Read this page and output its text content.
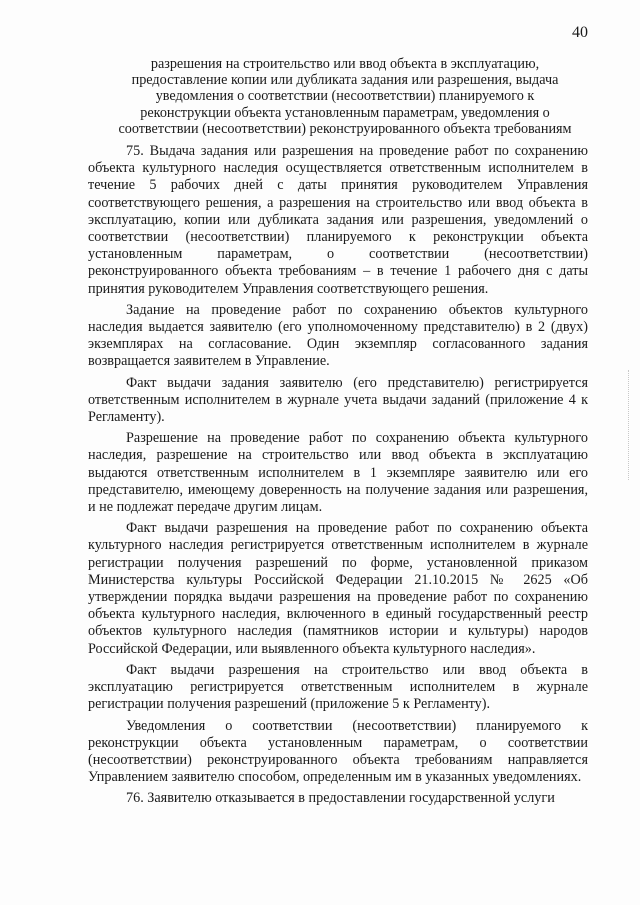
40
разрешения на строительство или ввод объекта в эксплуатацию,
предоставление копии или дубликата задания или разрешения, выдача
уведомления о соответствии (несоответствии) планируемого к
реконструкции объекта установленным параметрам, уведомления о
соответствии (несоответствии) реконструированного объекта требованиям

75. Выдача задания или разрешения на проведение работ по сохранению объекта культурного наследия осуществляется ответственным исполнителем в течение 5 рабочих дней с даты принятия руководителем Управления соответствующего решения, а разрешения на строительство или ввод объекта в эксплуатацию, копии или дубликата задания или разрешения, уведомлений о соответствии (несоответствии) планируемого к реконструкции объекта установленным параметрам, о соответствии (несоответствии) реконструированного объекта требованиям – в течение 1 рабочего дня с даты принятия руководителем Управления соответствующего решения.

Задание на проведение работ по сохранению объектов культурного наследия выдается заявителю (его уполномоченному представителю) в 2 (двух) экземплярах на согласование. Один экземпляр согласованного задания возвращается заявителем в Управление.

Факт выдачи задания заявителю (его представителю) регистрируется ответственным исполнителем в журнале учета выдачи заданий (приложение 4 к Регламенту).

Разрешение на проведение работ по сохранению объекта культурного наследия, разрешение на строительство или ввод объекта в эксплуатацию выдаются ответственным исполнителем в 1 экземпляре заявителю или его представителю, имеющему доверенность на получение задания или разрешения, и не подлежат передаче другим лицам.

Факт выдачи разрешения на проведение работ по сохранению объекта культурного наследия регистрируется ответственным исполнителем в журнале регистрации получения разрешений по форме, установленной приказом Министерства культуры Российской Федерации 21.10.2015 № 2625 «Об утверждении порядка выдачи разрешения на проведение работ по сохранению объекта культурного наследия, включенного в единый государственный реестр объектов культурного наследия (памятников истории и культуры) народов Российской Федерации, или выявленного объекта культурного наследия».

Факт выдачи разрешения на строительство или ввод объекта в эксплуатацию регистрируется ответственным исполнителем в журнале регистрации получения разрешений (приложение 5 к Регламенту).

Уведомления о соответствии (несоответствии) планируемого к реконструкции объекта установленным параметрам, о соответствии (несоответствии) реконструированного объекта требованиям направляется Управлением заявителю способом, определенным им в указанных уведомлениях.

76. Заявителю отказывается в предоставлении государственной услуги
